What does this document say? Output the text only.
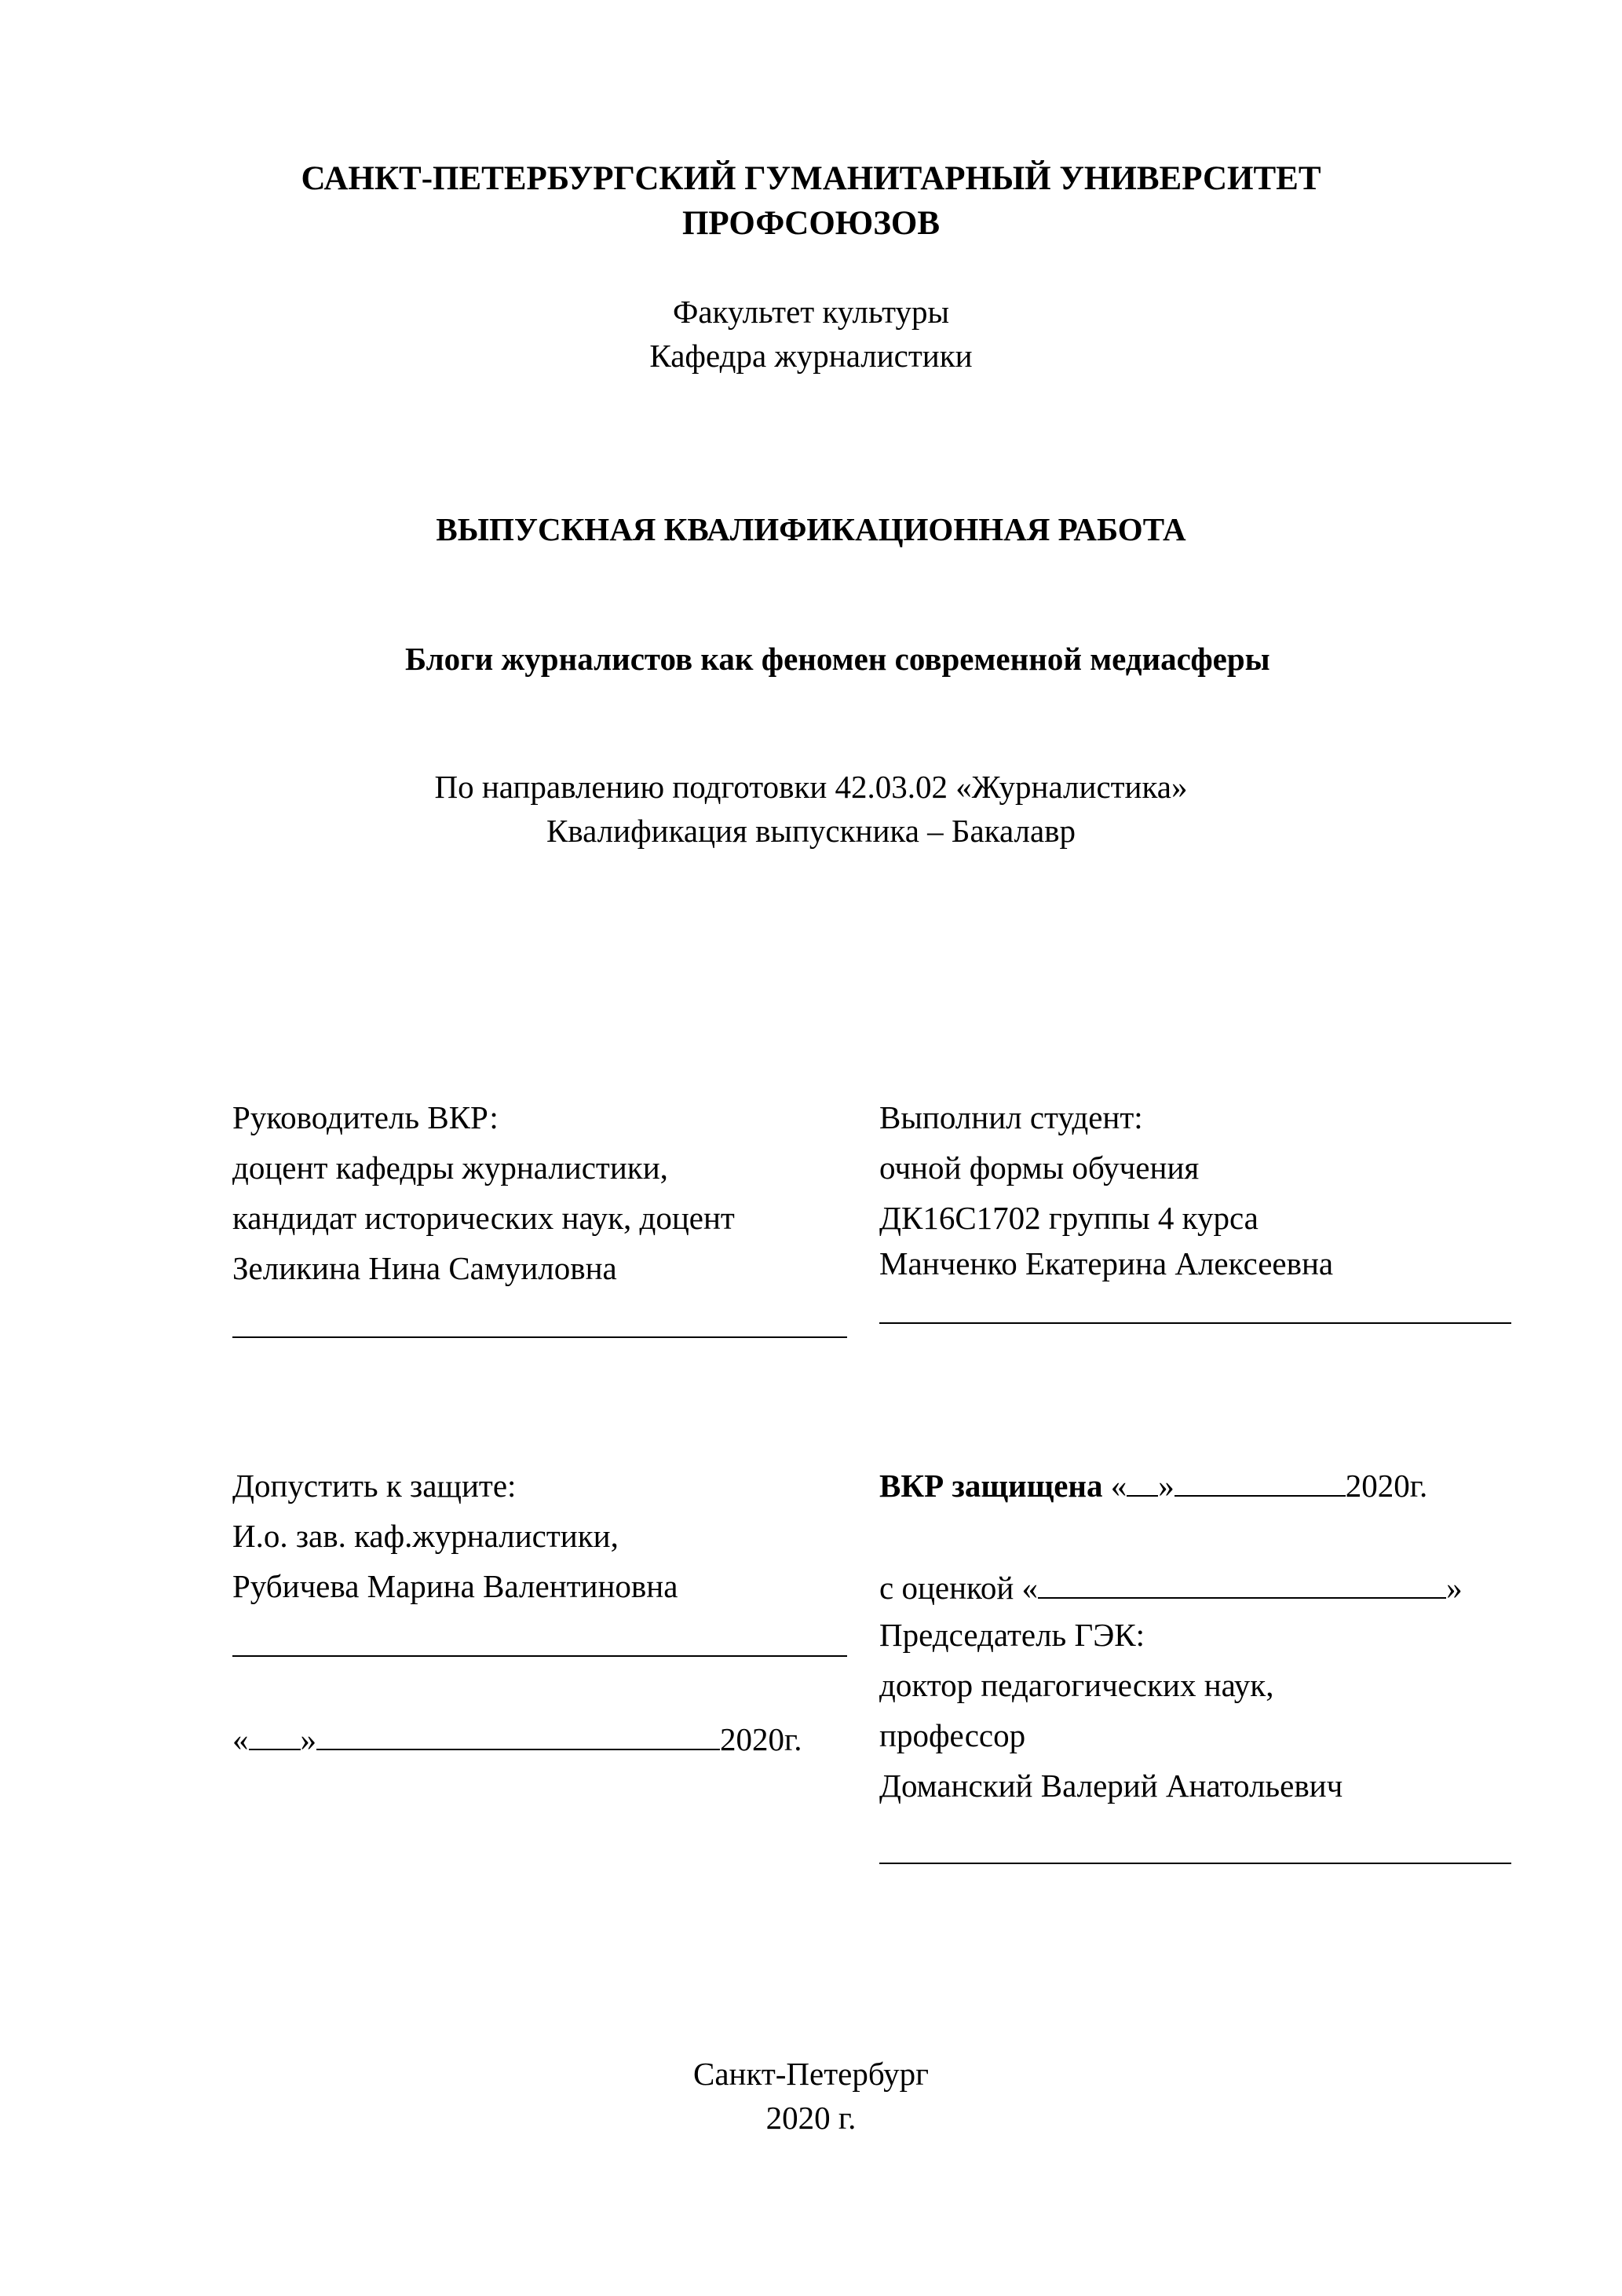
САНКТ-ПЕТЕРБУРГСКИЙ ГУМАНИТАРНЫЙ УНИВЕРСИТЕТ
ПРОФСОЮЗОВ
Факультет культуры
Кафедра журналистики
ВЫПУСКНАЯ КВАЛИФИКАЦИОННАЯ РАБОТА
Блоги журналистов как феномен современной медиасферы
По направлению подготовки 42.03.02 «Журналистика»
Квалификация выпускника – Бакалавр
Руководитель ВКР:
доцент кафедры журналистики,
кандидат исторических наук, доцент
Зеликина Нина Самуиловна
Выполнил студент:
очной формы обучения
ДК16С1702 группы 4 курса
Манченко Екатерина Алексеевна
Допустить к защите:
И.о. зав. каф.журналистики,
Рубичева Марина Валентиновна
« »	2020г.
ВКР защищена « »	2020г.
с оценкой «	»
Председатель ГЭК:
доктор педагогических наук,
профессор
Доманский Валерий Анатольевич
Санкт-Петербург
2020 г.
